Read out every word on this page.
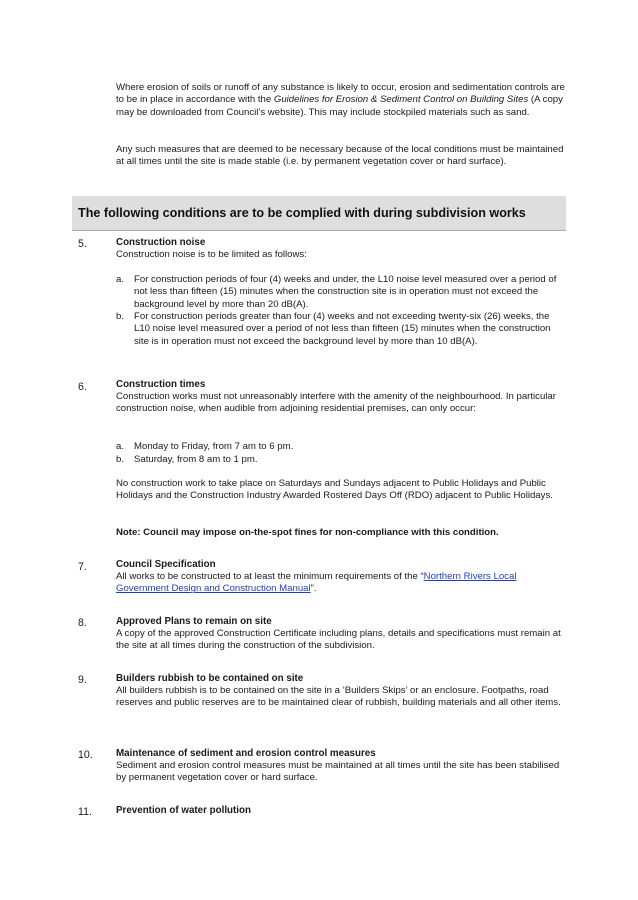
Where erosion of soils or runoff of any substance is likely to occur, erosion and sedimentation controls are to be in place in accordance with the Guidelines for Erosion & Sediment Control on Building Sites (A copy may be downloaded from Council’s website). This may include stockpiled materials such as sand.

Any such measures that are deemed to be necessary because of the local conditions must be maintained at all times until the site is made stable (i.e. by permanent vegetation cover or hard surface).

The following conditions are to be complied with during subdivision works
5.	Construction noise

Construction noise is to be limited as follows:

a. For construction periods of four (4) weeks and under, the L10 noise level measured over a period of not less than fifteen (15) minutes when the construction site is in operation must not exceed the background level by more than 20 dB(A).

b. For construction periods greater than four (4) weeks and not exceeding twenty-six (26) weeks, the L10 noise level measured over a period of not less than fifteen (15) minutes when the construction site is in operation must not exceed the background level by more than 10 dB(A).

6.	Construction times

Construction works must not unreasonably interfere with the amenity of the neighbourhood. In particular construction noise, when audible from adjoining residential premises, can only occur:

a. Monday to Friday, from 7 am to 6 pm.

b. Saturday, from 8 am to 1 pm.

No construction work to take place on Saturdays and Sundays adjacent to Public Holidays and Public Holidays and the Construction Industry Awarded Rostered Days Off (RDO) adjacent to Public Holidays.

Note: Council may impose on-the-spot fines for non-compliance with this condition.
7.	Council Specification

All works to be constructed to at least the minimum requirements of the “Northern Rivers Local Government Design and Construction Manual”.

8.	Approved Plans to remain on site

A copy of the approved Construction Certificate including plans, details and specifications must remain at the site at all times during the construction of the subdivision.

9.	Builders rubbish to be contained on site

All builders rubbish is to be contained on the site in a ‘Builders Skips’ or an enclosure. Footpaths, road reserves and public reserves are to be maintained clear of rubbish, building materials and all other items.

10. Maintenance of sediment and erosion control measures

Sediment and erosion control measures must be maintained at all times until the site has been stabilised by permanent vegetation cover or hard surface.

11. Prevention of water pollution
